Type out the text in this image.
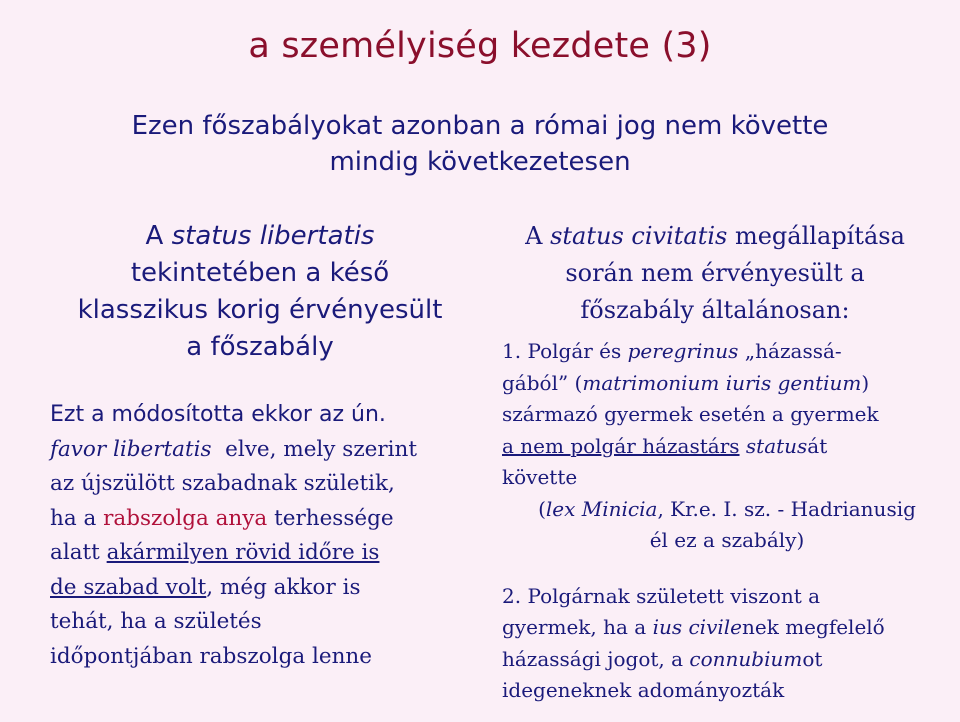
a személyiség kezdete (3)
Ezen főszabályokat azonban a római jog nem követte
mindig következetesen
A status libertatis
tekintetében a késő
klasszikus korig érvényesült
a főszabály
Ezt a módosította ekkor az ún.
favor libertatis  elve, mely szerint
az újszülött szabadnak születik,
ha a rabszolga anya terhessége
alatt akármilyen rövid időre is
de szabad volt, még akkor is
tehát, ha a születés
időpontjában rabszolga lenne
A status civitatis megállapítása
során nem érvényesült a
főszabály általánosan:
1. Polgár és peregrinus „házassá-
gából” (matrimonium iuris gentium)
származó gyermek esetén a gyermek
a nem polgár házastárs statusát
követte
(lex Minicia, Kr.e. I. sz. - Hadrianusig
él ez a szabály)
2. Polgárnak született viszont a
gyermek, ha a ius civilenek megfelelő
házassági jogot, a connubiumot
idegeneknek adományozták
